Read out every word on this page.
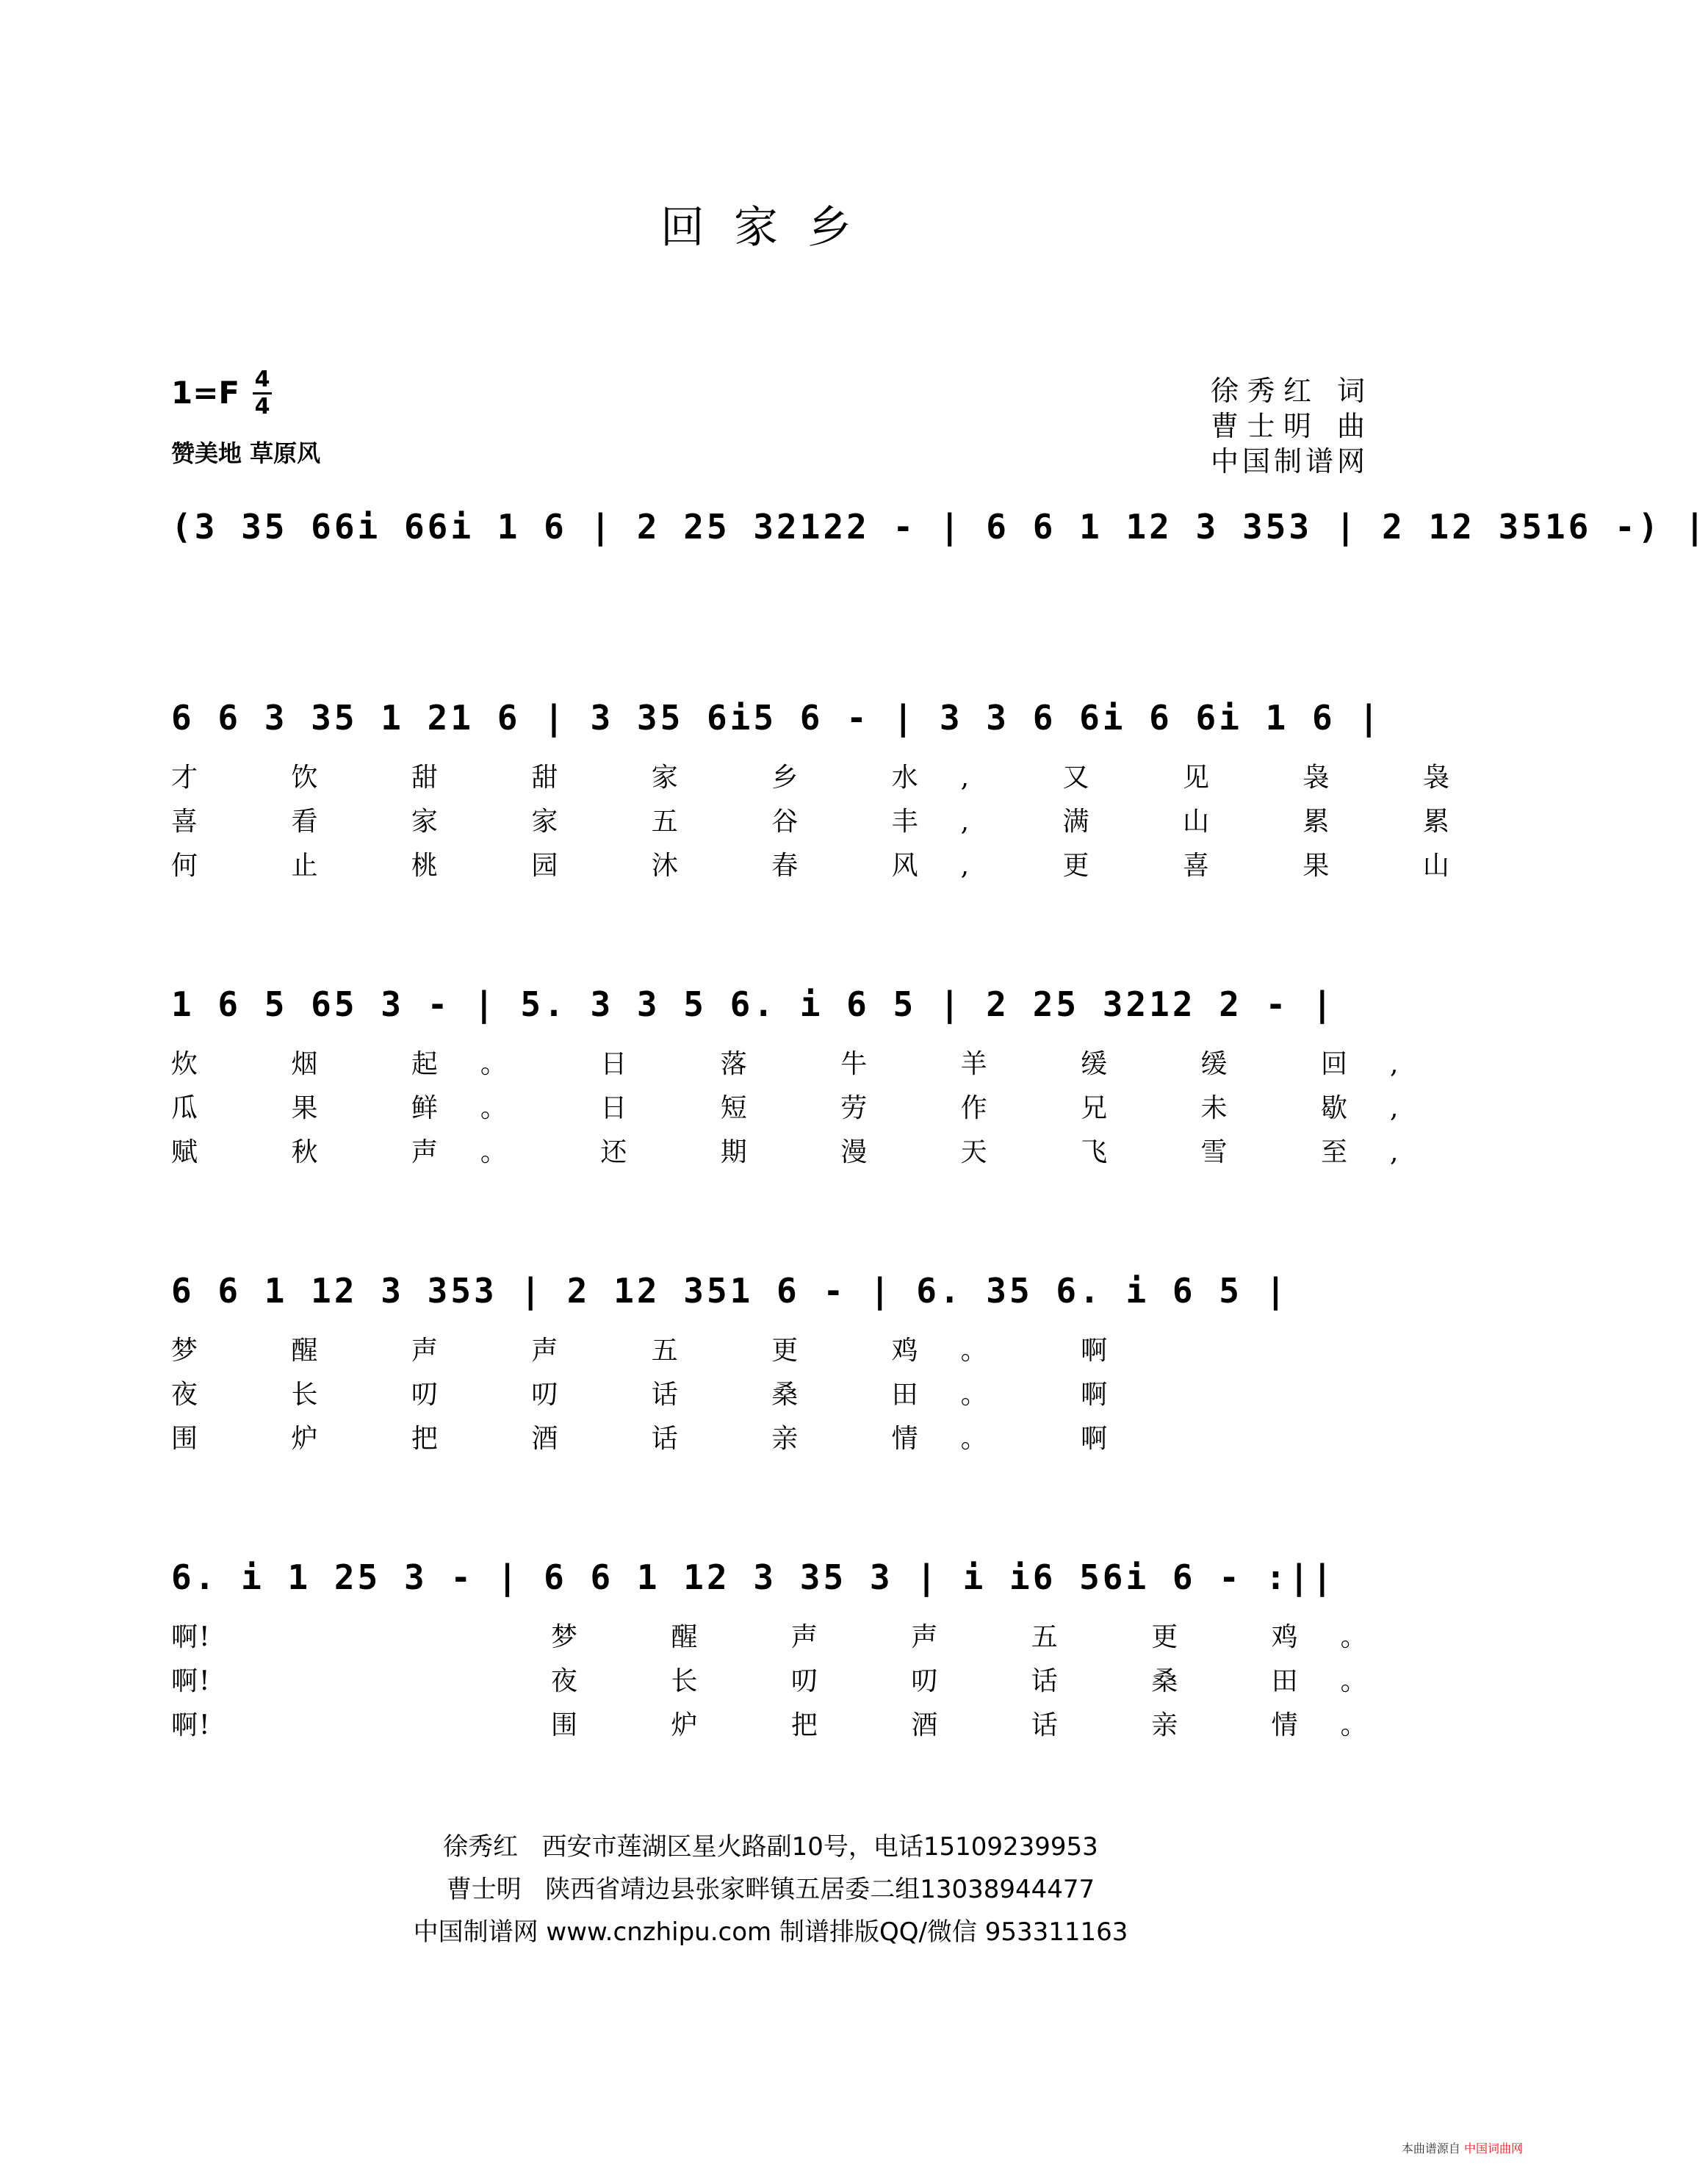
回家乡
1=F 4
4
赞美地 草原风
徐秀红 词
曹士明 曲
中国制谱网
(3 35 66i 66i 1 6 | 2 25 32122 - | 6 6 1 12 3 353 | 2 12 3516 -) |
6 6 3 35 1 21 6 | 3 35 6i5 6 - | 3 3 6 6i 6 6i 1 6 |
才 饮 甜 甜 家 乡 水, 又 见 袅 袅
喜 看 家 家 五 谷 丰, 满 山 累 累
何 止 桃 园 沐 春 风, 更 喜 果 山
1 6 5 65 3 - | 5. 3 3 5 6. i 6 5 | 2 25 3212 2 - |
炊 烟 起。 日 落 牛 羊 缓 缓 回,
瓜 果 鲜。 日 短 劳 作 兄 未 歇,
赋 秋 声。 还 期 漫 天 飞 雪 至,
6 6 1 12 3 353 | 2 12 351 6 - | 6. 35 6. i 6 5 |
梦 醒 声 声 五 更 鸡。 啊
夜 长 叨 叨 话 桑 田。 啊
围 炉 把 酒 话 亲 情。 啊
6. i 1 25 3 - | 6 6 1 12 3 35 3 | i i6 56i 6 - :||
啊!
啊!
啊!
梦 醒 声 声 五 更 鸡。
夜 长 叨 叨 话 桑 田。
围 炉 把 酒 话 亲 情。
徐秀红   西安市莲湖区星火路副10号，电话15109239953
曹士明   陕西省靖边县张家畔镇五居委二组13038944477
中国制谱网 www.cnzhipu.com 制谱排版QQ/微信 953311163
本曲谱源自 中国词曲网
